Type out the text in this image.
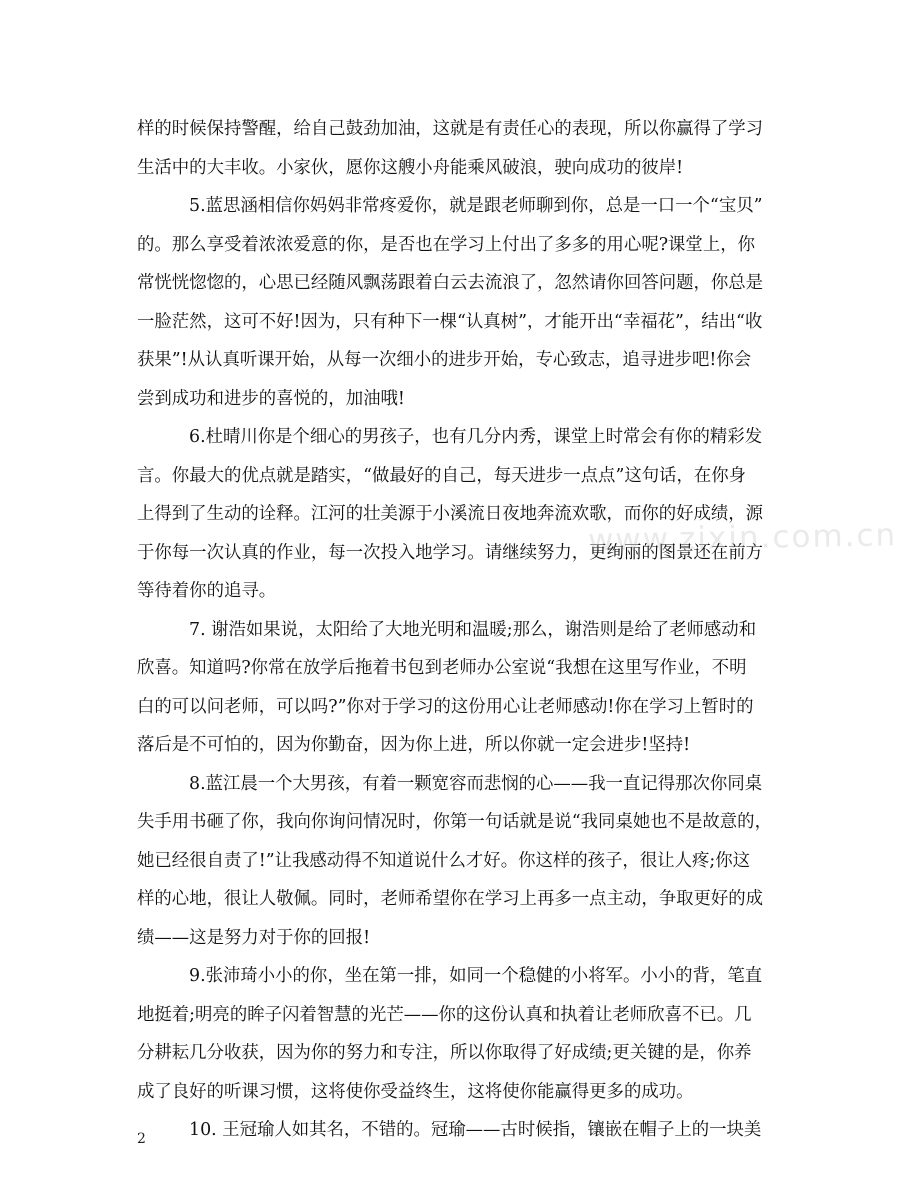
样的时候保持警醒，给自己鼓劲加油，这就是有责任心的表现，所以你赢得了学习
生活中的大丰收。小家伙，愿你这艘小舟能乘风破浪，驶向成功的彼岸!
5.蓝思涵相信你妈妈非常疼爱你，就是跟老师聊到你，总是一口一个“宝贝”
的。那么享受着浓浓爱意的你，是否也在学习上付出了多多的用心呢?课堂上，你
常恍恍惚惚的，心思已经随风飘荡跟着白云去流浪了，忽然请你回答问题，你总是
一脸茫然，这可不好!因为，只有种下一棵“认真树”，才能开出“幸福花”，结出“收
获果”!从认真听课开始，从每一次细小的进步开始，专心致志，追寻进步吧!你会
尝到成功和进步的喜悦的，加油哦!
6.杜晴川你是个细心的男孩子，也有几分内秀，课堂上时常会有你的精彩发
言。你最大的优点就是踏实，“做最好的自己，每天进步一点点”这句话，在你身
上得到了生动的诠释。江河的壮美源于小溪流日夜地奔流欢歌，而你的好成绩，源
于你每一次认真的作业，每一次投入地学习。请继续努力，更绚丽的图景还在前方
等待着你的追寻。
7. 谢浩如果说，太阳给了大地光明和温暖;那么，谢浩则是给了老师感动和
欣喜。知道吗?你常在放学后拖着书包到老师办公室说“我想在这里写作业，不明
白的可以问老师，可以吗?”你对于学习的这份用心让老师感动!你在学习上暂时的
落后是不可怕的，因为你勤奋，因为你上进，所以你就一定会进步!坚持!
8.蓝江晨一个大男孩，有着一颗宽容而悲悯的心——我一直记得那次你同桌
失手用书砸了你，我向你询问情况时，你第一句话就是说“我同桌她也不是故意的，
她已经很自责了!”让我感动得不知道说什么才好。你这样的孩子，很让人疼;你这
样的心地，很让人敬佩。同时，老师希望你在学习上再多一点主动，争取更好的成
绩——这是努力对于你的回报!
9.张沛琦小小的你，坐在第一排，如同一个稳健的小将军。小小的背，笔直
地挺着;明亮的眸子闪着智慧的光芒——你的这份认真和执着让老师欣喜不已。几
分耕耘几分收获，因为你的努力和专注，所以你取得了好成绩;更关键的是，你养
成了良好的听课习惯，这将使你受益终生，这将使你能赢得更多的成功。
10. 王冠瑜人如其名，不错的。冠瑜——古时候指，镶嵌在帽子上的一块美
www.zixin.com.cn
2
